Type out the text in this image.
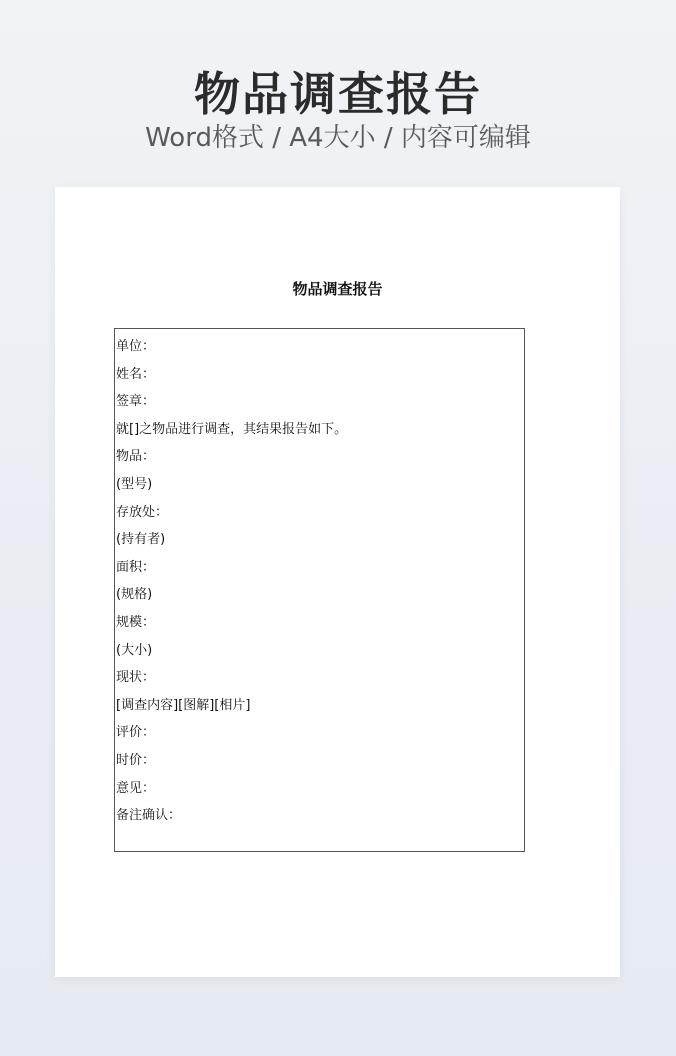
物品调查报告
Word格式 / A4大小 / 内容可编辑
物品调查报告
单位：
姓名：
签章：
就[]之物品进行调查，其结果报告如下。
物品：
(型号)
存放处：
(持有者)
面积：
(规格)
规模：
(大小)
现状：
[调查内容][图解][相片]
评价：
时价：
意见：
备注确认：
